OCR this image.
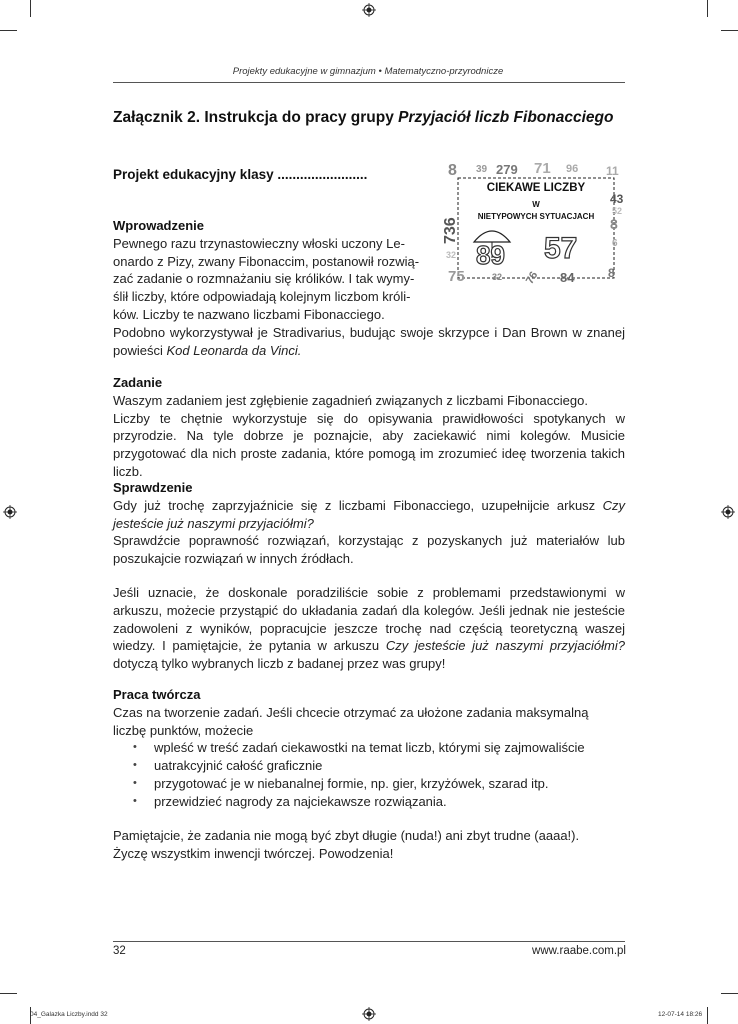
Projekty edukacyjne w gimnazjum • Matematyczno-przyrodnicze
Załącznik 2. Instrukcja do pracy grupy Przyjaciół liczb Fibonacciego
Projekt edukacyjny klasy ........................	8 39 279 71 96 11
43
52
8
736	6
32
75	32 76 84	8
CIEKAWE LICZBY
W
NIETYPOWYCH SYTUACJACH
89 57
Wprowadzenie
Pewnego razu trzynastowieczny włoski uczony Le-
onardo z Pizy, zwany Fibonaccim, postanowił rozwią-
zać zadanie o rozmnażaniu się królików. I tak wymy-
ślił liczby, które odpowiadają kolejnym liczbom króli-
ków. Liczby te nazwano liczbami Fibonacciego.
Podobno wykorzystywał je Stradivarius, budując swoje skrzypce i Dan Brown w znanej powieści Kod Leonarda da Vinci.
Zadanie
Waszym zadaniem jest zgłębienie zagadnień związanych z liczbami Fibonacciego.
Liczby te chętnie wykorzystuje się do opisywania prawidłowości spotykanych w przyrodzie. Na tyle dobrze je poznajcie, aby zaciekawić nimi kolegów. Musicie przygotować dla nich proste zadania, które pomogą im zrozumieć ideę tworzenia takich liczb.
Sprawdzenie
Gdy już trochę zaprzyjaźnicie się z liczbami Fibonacciego, uzupełnijcie arkusz Czy jesteście już naszymi przyjaciółmi?
Sprawdźcie poprawność rozwiązań, korzystając z pozyskanych już materiałów lub poszukajcie rozwiązań w innych źródłach.
Jeśli uznacie, że doskonale poradziliście sobie z problemami przedstawionymi w arkuszu, możecie przystąpić do układania zadań dla kolegów. Jeśli jednak nie jesteście zadowoleni z wyników, popracujcie jeszcze trochę nad częścią teoretyczną waszej wiedzy. I pamiętajcie, że pytania w arkuszu Czy jesteście już naszymi przyjaciółmi? dotyczą tylko wybranych liczb z badanej przez was grupy!
Praca twórcza
Czas na tworzenie zadań. Jeśli chcecie otrzymać za ułożone zadania maksymalną liczbę punktów, możecie
• wpleść w treść zadań ciekawostki na temat liczb, którymi się zajmowaliście
• uatrakcyjnić całość graficznie
• przygotować je w niebanalnej formie, np. gier, krzyżówek, szarad itp.
• przewidzieć nagrody za najciekawsze rozwiązania.
Pamiętajcie, że zadania nie mogą być zbyt długie (nuda!) ani zbyt trudne (aaaa!).
Życzę wszystkim inwencji twórczej. Powodzenia!
32	www.raabe.com.pl
04_Galazka Liczby.indd 32	12-07-14 18:26
